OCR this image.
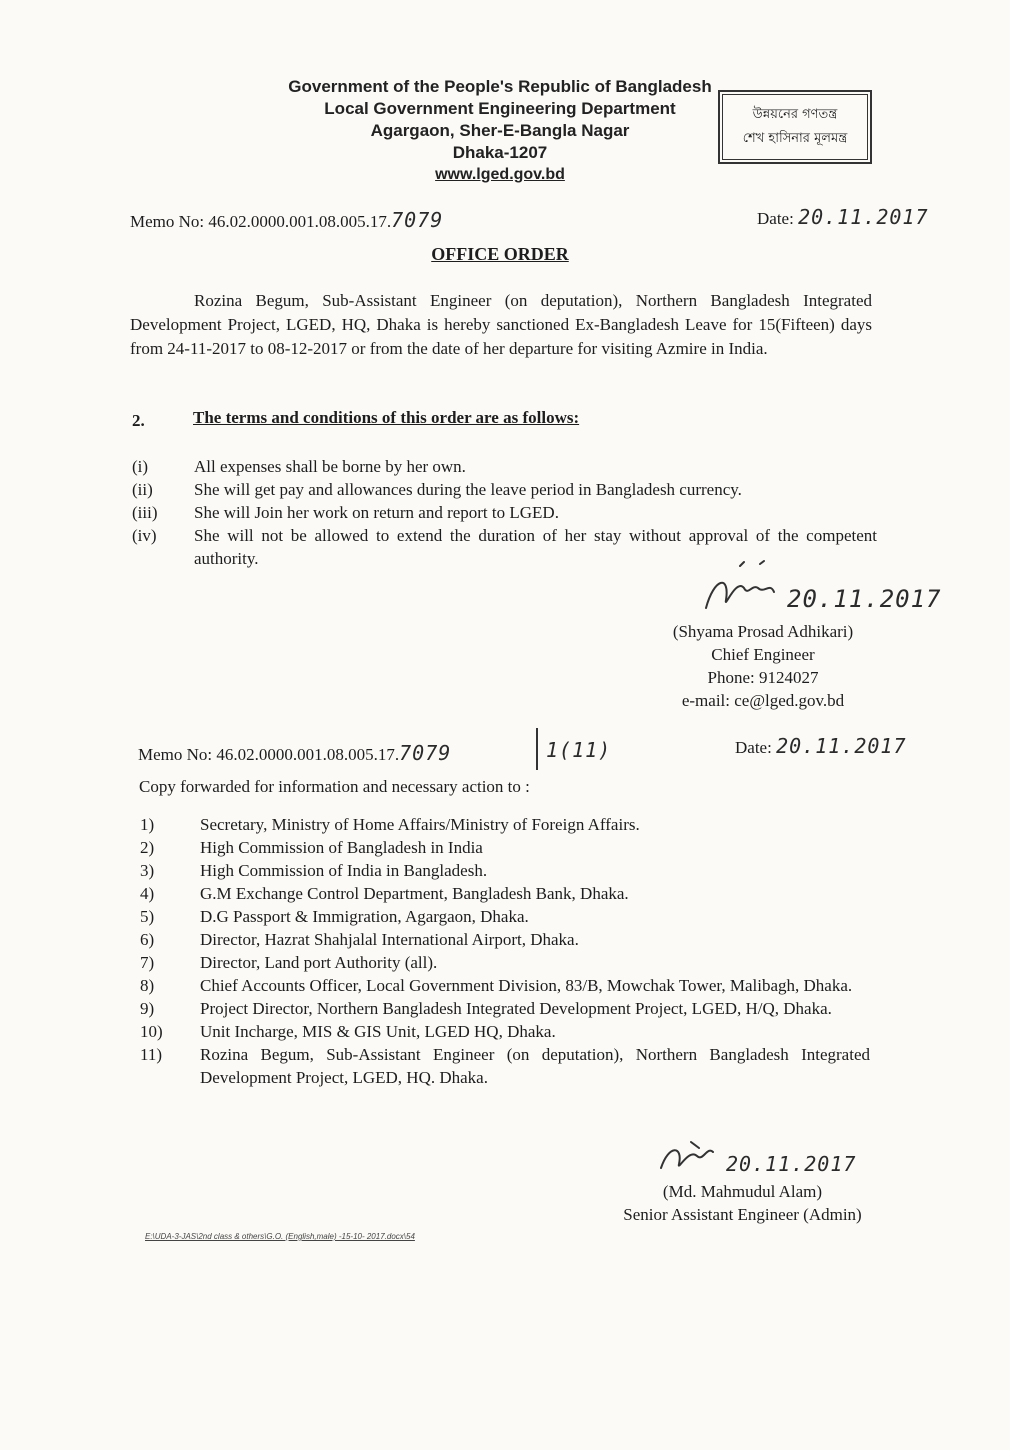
Government of the People's Republic of Bangladesh
Local Government Engineering Department
Agargaon, Sher-E-Bangla Nagar
Dhaka-1207
www.lged.gov.bd
উন্নয়নের গণতন্ত্র
শেখ হাসিনার মূলমন্ত্র
Memo No: 46.02.0000.001.08.005.17.7079	Date: 20.11.2017
OFFICE ORDER
Rozina Begum, Sub-Assistant Engineer (on deputation), Northern Bangladesh Integrated Development Project, LGED, HQ, Dhaka is hereby sanctioned Ex-Bangladesh Leave for 15(Fifteen) days from 24-11-2017 to 08-12-2017 or from the date of her departure for visiting Azmire in India.
2.	The terms and conditions of this order are as follows:
(i)	All expenses shall be borne by her own.
(ii)	She will get pay and allowances during the leave period in Bangladesh currency.
(iii)	She will Join her work on return and report to LGED.
(iv)	She will not be allowed to extend the duration of her stay without approval of the competent authority.
20.11.2017
(Shyama Prosad Adhikari)
Chief Engineer
Phone: 9124027
e-mail: ce@lged.gov.bd
Memo No: 46.02.0000.001.08.005.17.7079	1(11)	Date: 20.11.2017
Copy forwarded for information and necessary action to :
1)	Secretary, Ministry of Home Affairs/Ministry of Foreign Affairs.
2)	High Commission of Bangladesh in India
3)	High Commission of India in Bangladesh.
4)	G.M Exchange Control Department, Bangladesh Bank, Dhaka.
5)	D.G Passport & Immigration, Agargaon, Dhaka.
6)	Director, Hazrat Shahjalal International Airport, Dhaka.
7)	Director, Land port Authority (all).
8)	Chief Accounts Officer, Local Government Division, 83/B, Mowchak Tower, Malibagh, Dhaka.
9)	Project Director, Northern Bangladesh Integrated Development Project, LGED, H/Q, Dhaka.
10)	Unit Incharge, MIS & GIS Unit, LGED HQ, Dhaka.
11)	Rozina Begum, Sub-Assistant Engineer (on deputation), Northern Bangladesh Integrated Development Project, LGED, HQ. Dhaka.
20.11.2017
(Md. Mahmudul Alam)
Senior Assistant Engineer (Admin)
E:\UDA-3-JAS\2nd class & others\G.O. (English,male) -15-10- 2017.docx\54
